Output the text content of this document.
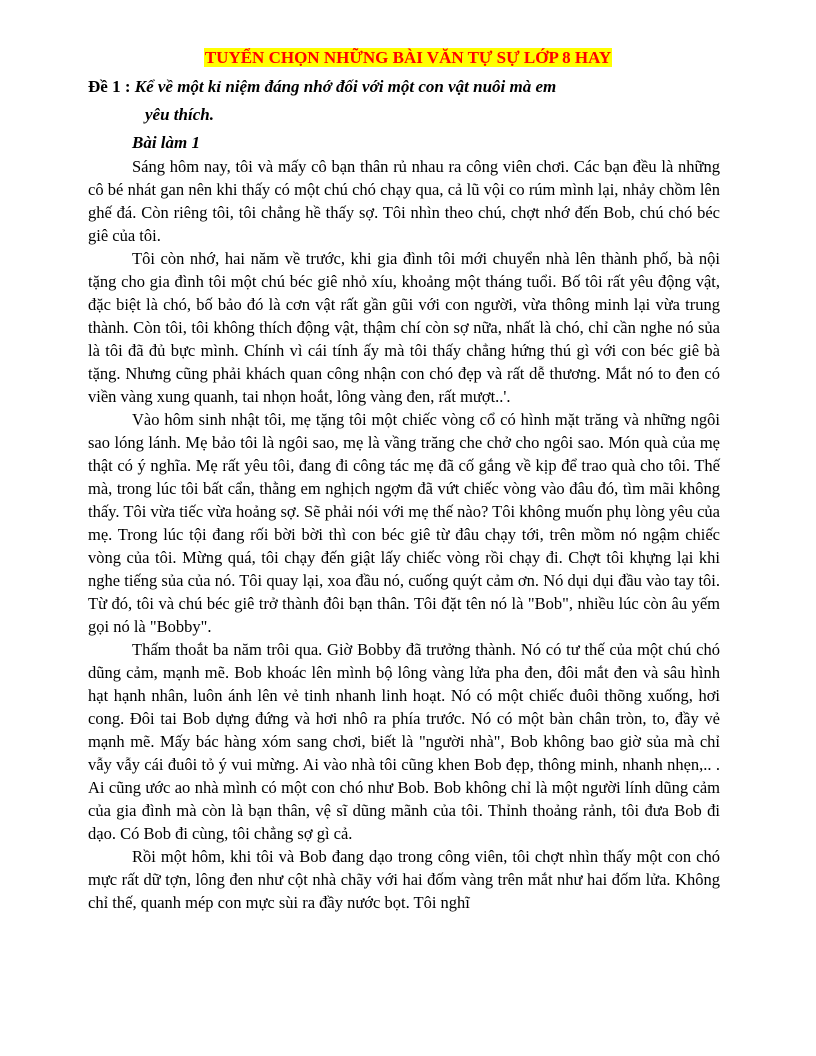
TUYỂN CHỌN NHỮNG BÀI VĂN TỰ SỰ LỚP 8 HAY
Đề 1 : Kể về một kỉ niệm đáng nhớ đối với một con vật nuôi mà em
yêu thích.
Bài làm 1

Sáng hôm nay, tôi và mấy cô bạn thân rủ nhau ra công viên chơi. Các bạn đều là những cô bé nhát gan nên khi thấy có một chú chó chạy qua, cả lũ vội co rúm mình lại, nhảy chồm lên ghế đá. Còn riêng tôi, tôi chẳng hề thấy sợ. Tôi nhìn theo chú, chợt nhớ đến Bob, chú chó béc giê của tôi.

Tôi còn nhớ, hai năm về trước, khi gia đình tôi mới chuyển nhà lên thành phố, bà nội tặng cho gia đình tôi một chú béc giê nhỏ xíu, khoảng một tháng tuổi. Bố tôi rất yêu động vật, đặc biệt là chó, bố bảo đó là cơn vật rất gần gũi với con người, vừa thông minh lại vừa trung thành. Còn tôi, tôi không thích động vật, thậm chí còn sợ nữa, nhất là chó, chỉ cần nghe nó sủa là tôi đã đủ bực mình. Chính vì cái tính ấy mà tôi thấy chẳng hứng thú gì với con béc giê bà tặng. Nhưng cũng phải khách quan công nhận con chó đẹp và rất dễ thương. Mắt nó to đen có viền vàng xung quanh, tai nhọn hoắt, lông vàng đen, rất mượt..'.

Vào hôm sinh nhật tôi, mẹ tặng tôi một chiếc vòng cổ có hình mặt trăng và những ngôi sao lóng lánh. Mẹ bảo tôi là ngôi sao, mẹ là vầng trăng che chở cho ngôi sao. Món quà của mẹ thật có ý nghĩa. Mẹ rất yêu tôi, đang đi công tác mẹ đã cố gắng về kịp để trao quà cho tôi. Thế mà, trong lúc tôi bất cẩn, thằng em nghịch ngợm đã vứt chiếc vòng vào đâu đó, tìm mãi không thấy. Tôi vừa tiếc vừa hoảng sợ. Sẽ phải nói với mẹ thế nào? Tôi không muốn phụ lòng yêu của mẹ. Trong lúc tội đang rối bời bời thì con béc giê từ đâu chạy tới, trên mồm nó ngậm chiếc vòng của tôi. Mừng quá, tôi chạy đến giật lấy chiếc vòng rồi chạy đi. Chợt tôi khựng lại khi nghe tiếng sủa của nó. Tôi quay lại, xoa đầu nó, cuống quýt cảm ơn. Nó dụi dụi đầu vào tay tôi. Từ đó, tôi và chú béc giê trở thành đôi bạn thân. Tôi đặt tên nó là "Bob", nhiều lúc còn âu yếm gọi nó là "Bobby".

Thấm thoắt ba năm trôi qua. Giờ Bobby đã trưởng thành. Nó có tư thế của một chú chó dũng cảm, mạnh mẽ. Bob khoác lên mình bộ lông vàng lửa pha đen, đôi mắt đen và sâu hình hạt hạnh nhân, luôn ánh lên vẻ tinh nhanh linh hoạt. Nó có một chiếc đuôi thõng xuống, hơi cong. Đôi tai Bob dựng đứng và hơi nhô ra phía trước. Nó có một bàn chân tròn, to, đầy vẻ mạnh mẽ. Mấy bác hàng xóm sang chơi, biết là "người nhà", Bob không bao giờ sủa mà chỉ vẫy vẫy cái đuôi tỏ ý vui mừng. Ai vào nhà tôi cũng khen Bob đẹp, thông minh, nhanh nhẹn,.. . Ai cũng ước ao nhà mình có một con chó như Bob. Bob không chỉ là một người lính dũng cảm của gia đình mà còn là bạn thân, vệ sĩ dũng mãnh của tôi. Thỉnh thoảng rảnh, tôi đưa Bob đi dạo. Có Bob đi cùng, tôi chẳng sợ gì cả.

Rồi một hôm, khi tôi và Bob đang dạo trong công viên, tôi chợt nhìn thấy một con chó mực rất dữ tợn, lông đen như cột nhà chãy với hai đốm vàng trên mắt như hai đốm lửa. Không chỉ thế, quanh mép con mực sùi ra đầy nước bọt. Tôi nghĩ
